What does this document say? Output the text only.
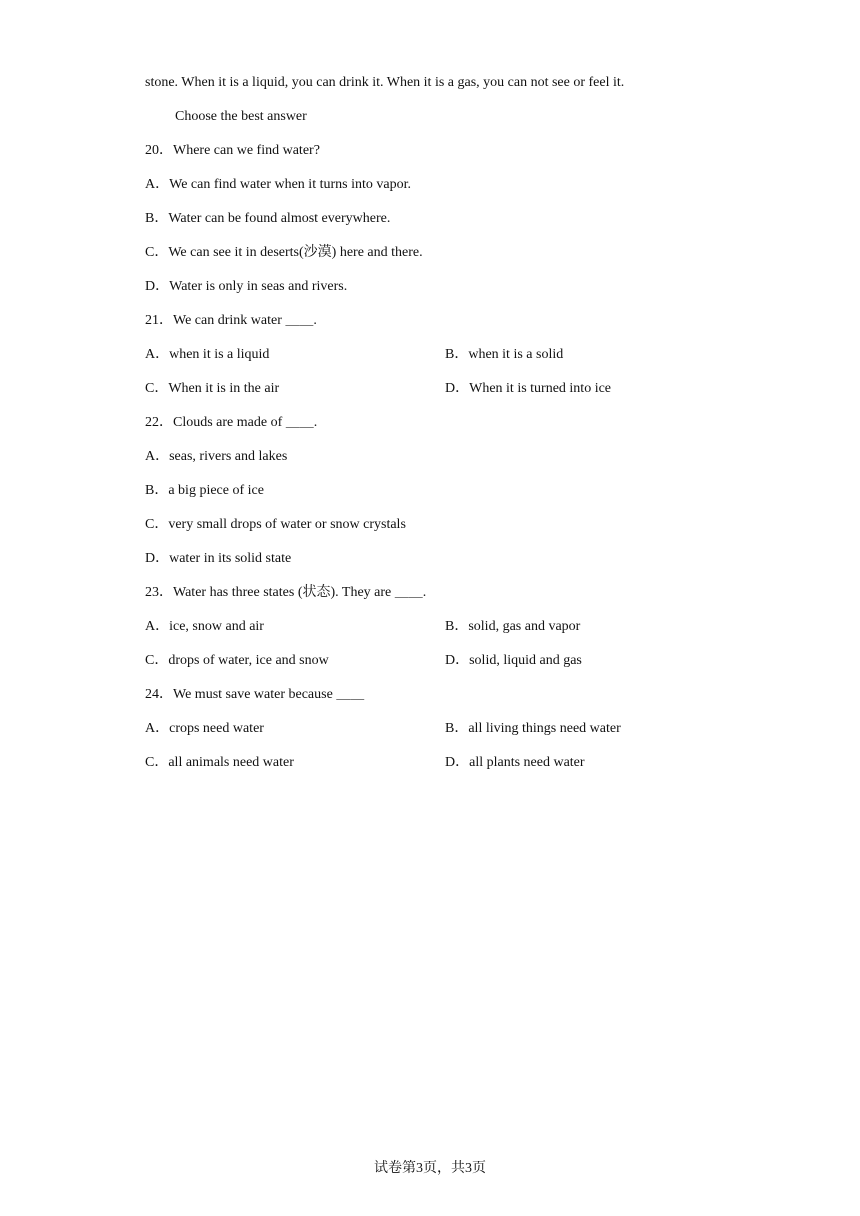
stone. When it is a liquid, you can drink it. When it is a gas, you can not see or feel it.
Choose the best answer
20．Where can we find water?
A．We can find water when it turns into vapor.
B．Water can be found almost everywhere.
C．We can see it in deserts(沙漠) here and there.
D．Water is only in seas and rivers.
21．We can drink water ＿＿.
A．when it is a liquid	B．when it is a solid
C．When it is in the air	D．When it is turned into ice
22．Clouds are made of ＿＿.
A．seas, rivers and lakes
B．a big piece of ice
C．very small drops of water or snow crystals
D．water in its solid state
23．Water has three states (状态). They are ＿＿.
A．ice, snow and air	B．solid, gas and vapor
C．drops of water, ice and snow	D．solid, liquid and gas
24．We must save water because ＿＿
A．crops need water	B．all living things need water
C．all animals need water	D．all plants need water
试卷第3页，共3页
